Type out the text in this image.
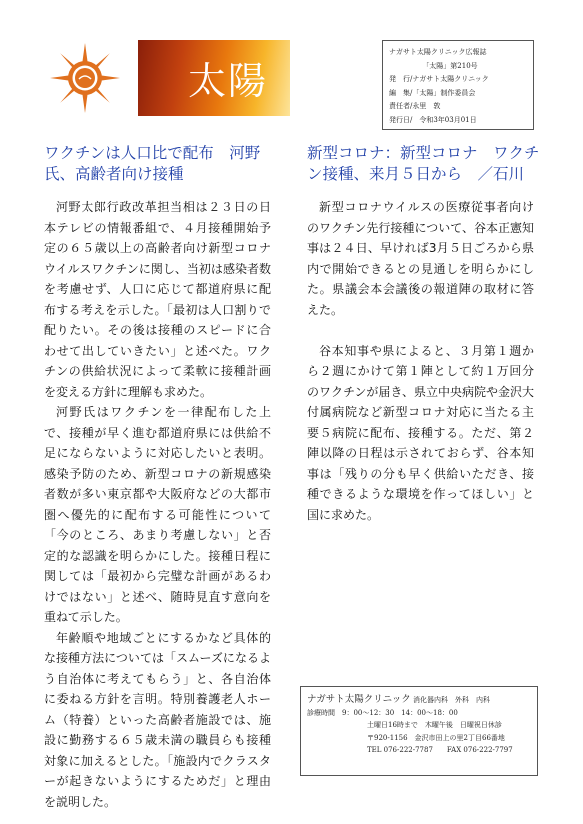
太陽
ナガサト太陽クリニック広報誌
「太陽」第210号
発　行/ナガサト太陽クリニック
編　集/「太陽」制作委員会
責任者/永里　敦
発行日/　令和3年03月01日
ワクチンは人口比で配布　河野氏、高齢者向け接種

河野太郎行政改革担当相は２３日の日本テレビの情報番組で、４月接種開始予定の６５歳以上の高齢者向け新型コロナウイルスワクチンに関し、当初は感染者数を考慮せず、人口に応じて都道府県に配布する考えを示した。「最初は人口割りで配りたい。その後は接種のスピードに合わせて出していきたい」と述べた。ワクチンの供給状況によって柔軟に接種計画を変える方針に理解も求めた。

河野氏はワクチンを一律配布した上で、接種が早く進む都道府県には供給不足にならないように対応したいと表明。感染予防のため、新型コロナの新規感染者数が多い東京都や大阪府などの大都市圏へ優先的に配布する可能性について「今のところ、あまり考慮しない」と否定的な認識を明らかにした。接種日程に関しては「最初から完璧な計画があるわけではない」と述べ、随時見直す意向を重ねて示した。

年齢順や地域ごとにするかなど具体的な接種方法については「スムーズになるよう自治体に考えてもらう」と、各自治体に委ねる方針を言明。特別養護老人ホーム（特養）といった高齢者施設では、施設に勤務する６５歳未満の職員らも接種対象に加えるとした。「施設内でクラスターが起きないようにするためだ」と理由を説明した。

新型コロナ：新型コロナ　ワクチン接種、来月５日から　／石川

新型コロナウイルスの医療従事者向けのワクチン先行接種について、谷本正憲知事は２４日、早ければ3月５日ごろから県内で開始できるとの見通しを明らかにした。県議会本会議後の報道陣の取材に答えた。

谷本知事や県によると、３月第１週から２週にかけて第１陣として約１万回分のワクチンが届き、県立中央病院や金沢大付属病院など新型コロナ対応に当たる主要５病院に配布、接種する。ただ、第２陣以降の日程は示されておらず、谷本知事は「残りの分も早く供給いただき、接種できるような環境を作ってほしい」と国に求めた。

ナガサト太陽クリニック 消化器内科　外科　内科
診療時間　9：00～12：30　14：00～18：00
土曜日16時まで　木曜午後　日曜祝日休診
〒920-1156　金沢市田上の里2丁目66番地
TEL 076-222-7787　　FAX 076-222-7797
